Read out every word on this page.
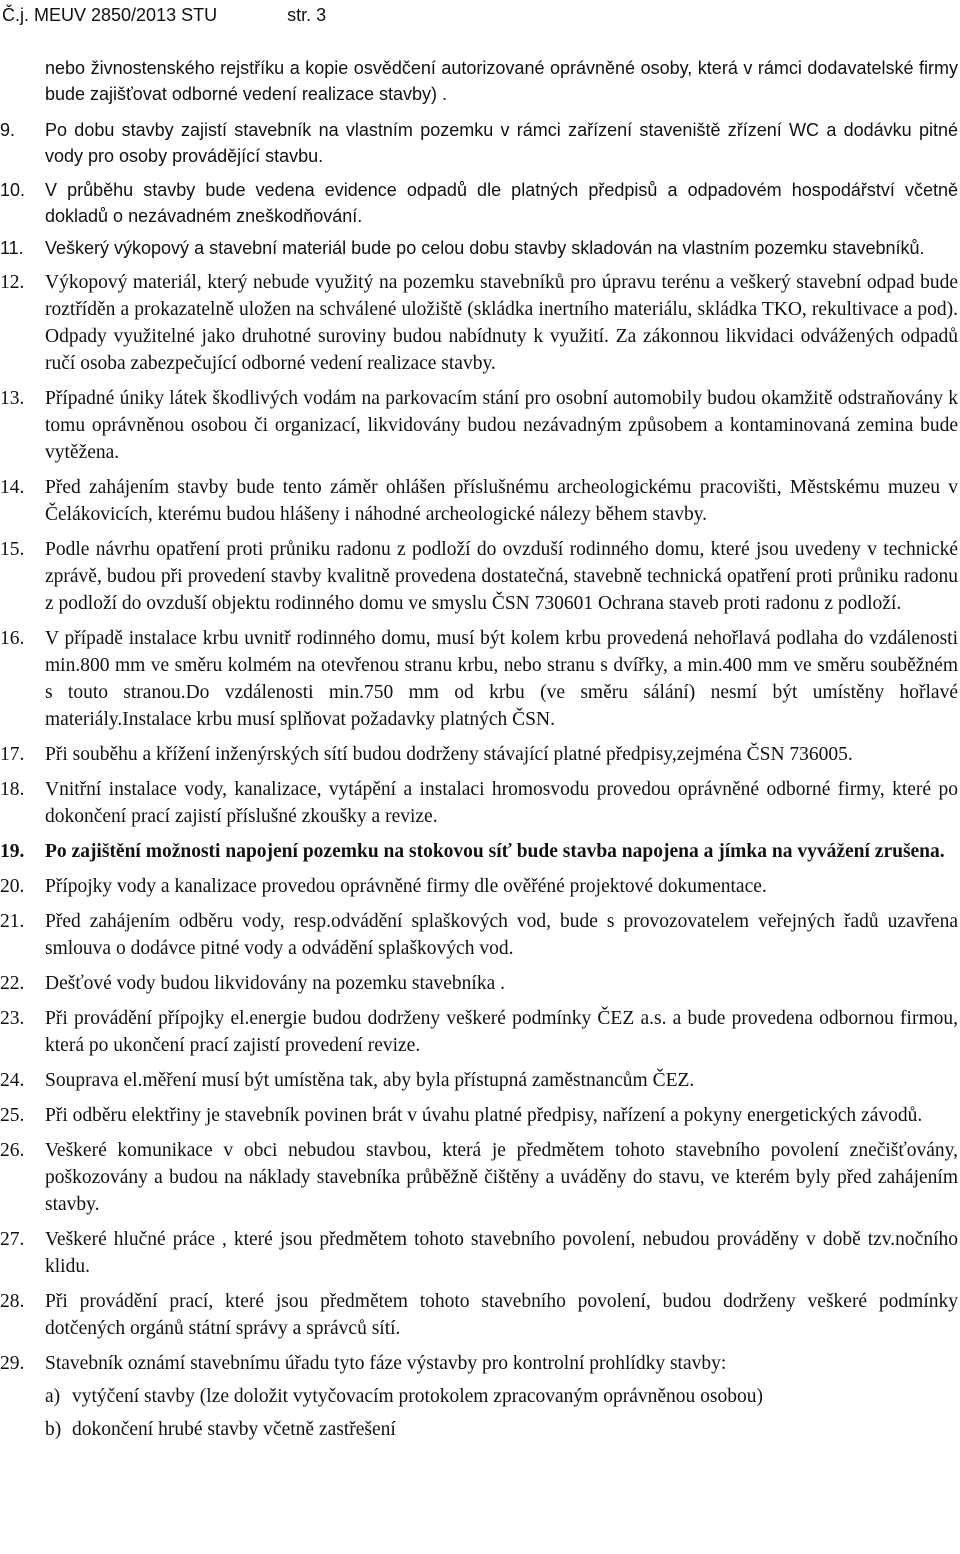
Č.j. MEUV 2850/2013 STU	str. 3

nebo živnostenského rejstříku a kopie osvědčení autorizované oprávněné osoby, která v rámci dodavatelské firmy bude zajišťovat odborné vedení realizace stavby) .

9.	Po dobu stavby zajistí stavebník na vlastním pozemku v rámci zařízení staveniště zřízení WC a dodávku pitné vody pro osoby provádějící stavbu.
10.	V průběhu stavby bude vedena evidence odpadů dle platných předpisů a odpadovém hospodářství včetně dokladů o nezávadném zneškodňování.
11.	Veškerý výkopový a stavební materiál bude po celou dobu stavby skladován na vlastním pozemku stavebníků.
12.	Výkopový materiál, který nebude využitý na pozemku stavebníků pro úpravu terénu a veškerý stavební odpad bude roztříděn a prokazatelně uložen na schválené uložiště (skládka inertního materiálu, skládka TKO, rekultivace a pod). Odpady využitelné jako druhotné suroviny budou nabídnuty k využití. Za zákonnou likvidaci odvážených odpadů ručí osoba zabezpečující odborné vedení realizace stavby.
13.	Případné úniky látek škodlivých vodám na parkovacím stání pro osobní automobily budou okamžitě odstraňovány k tomu oprávněnou osobou či organizací, likvidovány budou nezávadným způsobem a kontaminovaná zemina bude vytěžena.
14.	Před zahájením stavby bude tento záměr ohlášen příslušnému archeologickému pracovišti, Městskému muzeu v Čelákovicích, kterému budou hlášeny i náhodné archeologické nálezy během stavby.
15.	Podle návrhu opatření proti průniku radonu z podloží do ovzduší rodinného domu, které jsou uvedeny v technické zprávě, budou při provedení stavby kvalitně provedena dostatečná, stavebně technická opatření proti průniku radonu z podloží do ovzduší objektu rodinného domu ve smyslu ČSN 730601 Ochrana staveb proti radonu z podloží.
16.	V případě instalace krbu uvnitř rodinného domu, musí být kolem krbu provedená nehořlavá podlaha do vzdálenosti min.800 mm ve směru kolmém na otevřenou stranu krbu, nebo stranu s dvířky, a min.400 mm ve směru souběžném s touto stranou.Do vzdálenosti min.750 mm od krbu (ve směru sálání) nesmí být umístěny hořlavé materiály.Instalace krbu musí splňovat požadavky platných ČSN.
17.	Při souběhu a křížení inženýrských sítí budou dodrženy stávající platné předpisy,zejména ČSN 736005.
18.	Vnitřní instalace vody, kanalizace, vytápění a instalaci hromosvodu provedou oprávněné odborné firmy, které po dokončení prací zajistí příslušné zkoušky a revize.
19.	Po zajištění možnosti napojení pozemku na stokovou síť bude stavba napojena a jímka na vyvážení zrušena.
20.	Přípojky vody a kanalizace provedou oprávněné firmy dle ověřéné projektové dokumentace.
21.	Před zahájením odběru vody, resp.odvádění splaškových vod, bude s provozovatelem veřejných řadů uzavřena smlouva o dodávce pitné vody a odvádění splaškových vod.
22.	Dešťové vody budou likvidovány na pozemku stavebníka .
23.	Při provádění přípojky el.energie budou dodrženy veškeré podmínky ČEZ a.s. a bude provedena odbornou firmou, která po ukončení prací zajistí provedení revize.
24.	Souprava el.měření musí být umístěna tak, aby byla přístupná zaměstnancům ČEZ.
25.	Při odběru elektřiny je stavebník povinen brát v úvahu platné předpisy, nařízení a pokyny energetických závodů.
26.	Veškeré komunikace v obci nebudou stavbou, která je předmětem tohoto stavebního povolení znečišťovány, poškozovány a budou na náklady stavebníka průběžně čištěny a uváděny do stavu, ve kterém byly před zahájením stavby.
27.	Veškeré hlučné práce , které jsou předmětem tohoto stavebního povolení, nebudou prováděny v době tzv.nočního klidu.
28.	Při provádění prací, které jsou předmětem tohoto stavebního povolení, budou dodrženy veškeré podmínky dotčených orgánů státní správy a správců sítí.
29.	Stavebník oznámí stavebnímu úřadu tyto fáze výstavby pro kontrolní prohlídky stavby:
a) vytýčení stavby (lze doložit vytyčovacím protokolem zpracovaným oprávněnou osobou)
b) dokončení hrubé stavby včetně zastřešení
